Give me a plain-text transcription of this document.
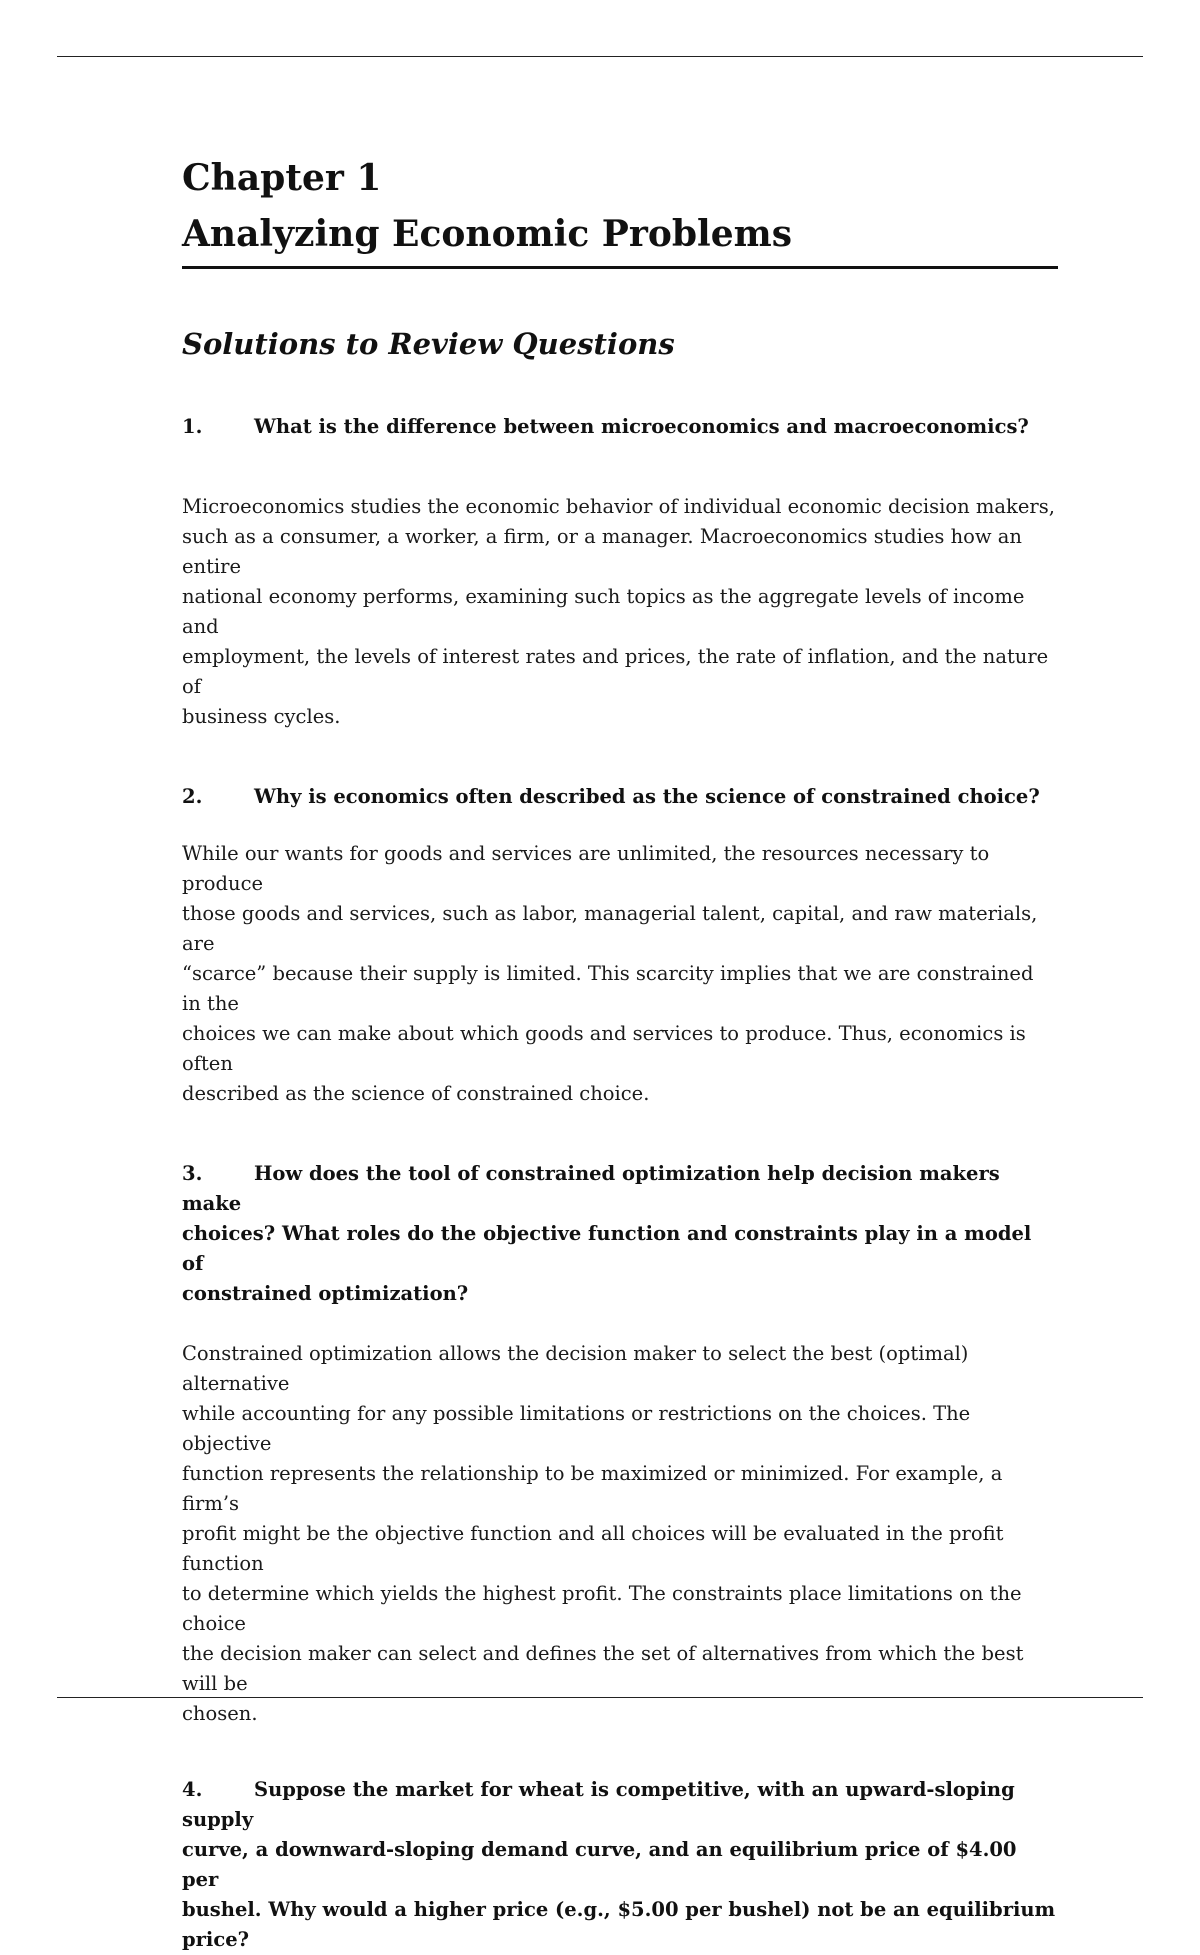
Chapter 1
Analyzing Economic Problems
Solutions to Review Questions

1.	What is the difference between microeconomics and macroeconomics?

Microeconomics studies the economic behavior of individual economic decision makers,
such as a consumer, a worker, a firm, or a manager. Macroeconomics studies how an entire
national economy performs, examining such topics as the aggregate levels of income and
employment, the levels of interest rates and prices, the rate of inflation, and the nature of
business cycles.

2.	Why is economics often described as the science of constrained choice?

While our wants for goods and services are unlimited, the resources necessary to produce
those goods and services, such as labor, managerial talent, capital, and raw materials, are
“scarce” because their supply is limited. This scarcity implies that we are constrained in the
choices we can make about which goods and services to produce. Thus, economics is often
described as the science of constrained choice.

3.	How does the tool of constrained optimization help decision makers make
choices? What roles do the objective function and constraints play in a model of
constrained optimization?

Constrained optimization allows the decision maker to select the best (optimal) alternative
while accounting for any possible limitations or restrictions on the choices. The objective
function represents the relationship to be maximized or minimized. For example, a firm’s
profit might be the objective function and all choices will be evaluated in the profit function
to determine which yields the highest profit. The constraints place limitations on the choice
the decision maker can select and defines the set of alternatives from which the best will be
chosen.

4.	Suppose the market for wheat is competitive, with an upward-sloping supply
curve, a downward-sloping demand curve, and an equilibrium price of $4.00 per
bushel. Why would a higher price (e.g., $5.00 per bushel) not be an equilibrium price?
